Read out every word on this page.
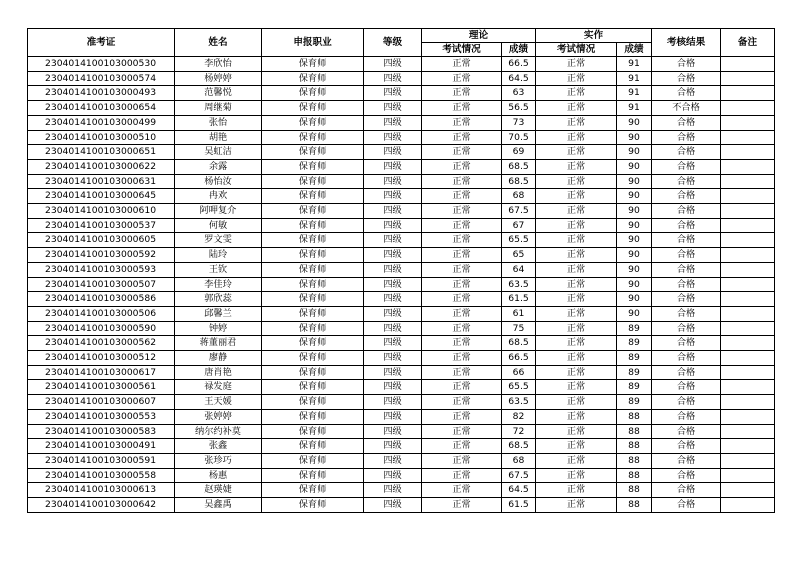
准考证	姓名	申报职业	等级	理论		实作		考核结果	备注
				考试情况	成绩	考试情况	成绩		
2304014100103000530	李欣怡	保育师	四级	正常	66.5	正常	91	合格	
2304014100103000574	杨婷婷	保育师	四级	正常	64.5	正常	91	合格	
2304014100103000493	范馨悦	保育师	四级	正常	63	正常	91	合格	
2304014100103000654	周继菊	保育师	四级	正常	56.5	正常	91	不合格	
2304014100103000499	张怡	保育师	四级	正常	73	正常	90	合格	
2304014100103000510	胡艳	保育师	四级	正常	70.5	正常	90	合格	
2304014100103000651	吴虹洁	保育师	四级	正常	69	正常	90	合格	
2304014100103000622	余露	保育师	四级	正常	68.5	正常	90	合格	
2304014100103000631	杨怡汝	保育师	四级	正常	68.5	正常	90	合格	
2304014100103000645	冉欢	保育师	四级	正常	68	正常	90	合格	
2304014100103000610	阿呷复介	保育师	四级	正常	67.5	正常	90	合格	
2304014100103000537	何敏	保育师	四级	正常	67	正常	90	合格	
2304014100103000605	罗文雯	保育师	四级	正常	65.5	正常	90	合格	
2304014100103000592	陆玲	保育师	四级	正常	65	正常	90	合格	
2304014100103000593	王钦	保育师	四级	正常	64	正常	90	合格	
2304014100103000507	李佳玲	保育师	四级	正常	63.5	正常	90	合格	
2304014100103000586	郭欣蕊	保育师	四级	正常	61.5	正常	90	合格	
2304014100103000506	邱馨兰	保育师	四级	正常	61	正常	90	合格	
2304014100103000590	钟婷	保育师	四级	正常	75	正常	89	合格	
2304014100103000562	蒋董丽君	保育师	四级	正常	68.5	正常	89	合格	
2304014100103000512	廖静	保育师	四级	正常	66.5	正常	89	合格	
2304014100103000617	唐肖艳	保育师	四级	正常	66	正常	89	合格	
2304014100103000561	禄发庭	保育师	四级	正常	65.5	正常	89	合格	
2304014100103000607	王天媛	保育师	四级	正常	63.5	正常	89	合格	
2304014100103000553	张婷婷	保育师	四级	正常	82	正常	88	合格	
2304014100103000583	纳尔约补莫	保育师	四级	正常	72	正常	88	合格	
2304014100103000491	张鑫	保育师	四级	正常	68.5	正常	88	合格	
2304014100103000591	张珍巧	保育师	四级	正常	68	正常	88	合格	
2304014100103000558	杨惠	保育师	四级	正常	67.5	正常	88	合格	
2304014100103000613	赵瑛婕	保育师	四级	正常	64.5	正常	88	合格	
2304014100103000642	吴鑫禹	保育师	四级	正常	61.5	正常	88	合格	
